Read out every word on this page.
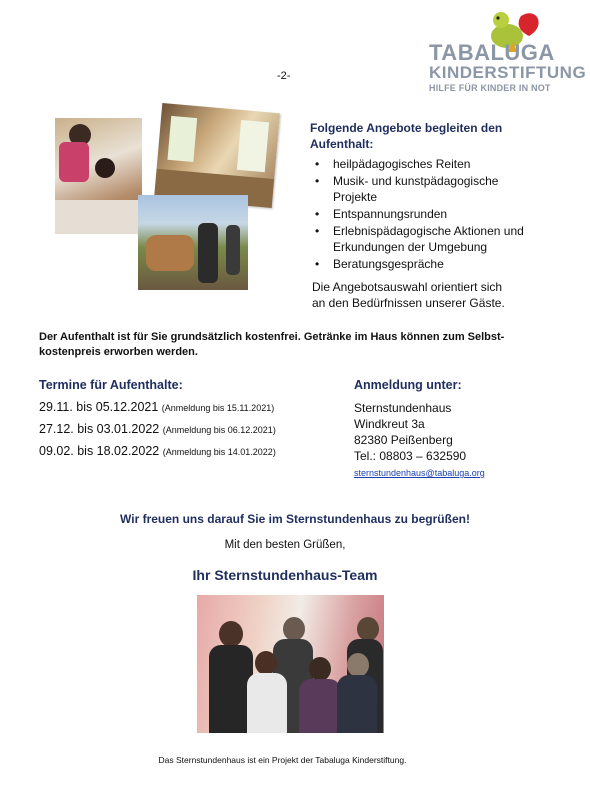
TABALUGA
KINDERSTIFTUNG
HILFE FÜR KINDER IN NOT
-2-
Folgende Angebote begleiten den Aufenthalt:
• heilpädagogisches Reiten
• Musik- und kunstpädagogische Projekte
• Entspannungsrunden
• Erlebnispädagogische Aktionen und Erkundungen der Umgebung
• Beratungsgespräche
Die Angebotsauswahl orientiert sich an den Bedürfnissen unserer Gäste.
Der Aufenthalt ist für Sie grundsätzlich kostenfrei. Getränke im Haus können zum Selbst-kostenpreis erworben werden.
Termine für Aufenthalte:
29.11. bis 05.12.2021 (Anmeldung bis 15.11.2021)
27.12. bis 03.01.2022 (Anmeldung bis 06.12.2021)
09.02. bis 18.02.2022 (Anmeldung bis 14.01.2022)
Anmeldung unter:
Sternstundenhaus
Windkreut 3a
82380 Peißenberg
Tel.: 08803 – 632590
sternstundenhaus@tabaluga.org
Wir freuen uns darauf Sie im Sternstundenhaus zu begrüßen!
Mit den besten Grüßen,
Ihr Sternstundenhaus-Team
Das Sternstundenhaus ist ein Projekt der Tabaluga Kinderstiftung.
